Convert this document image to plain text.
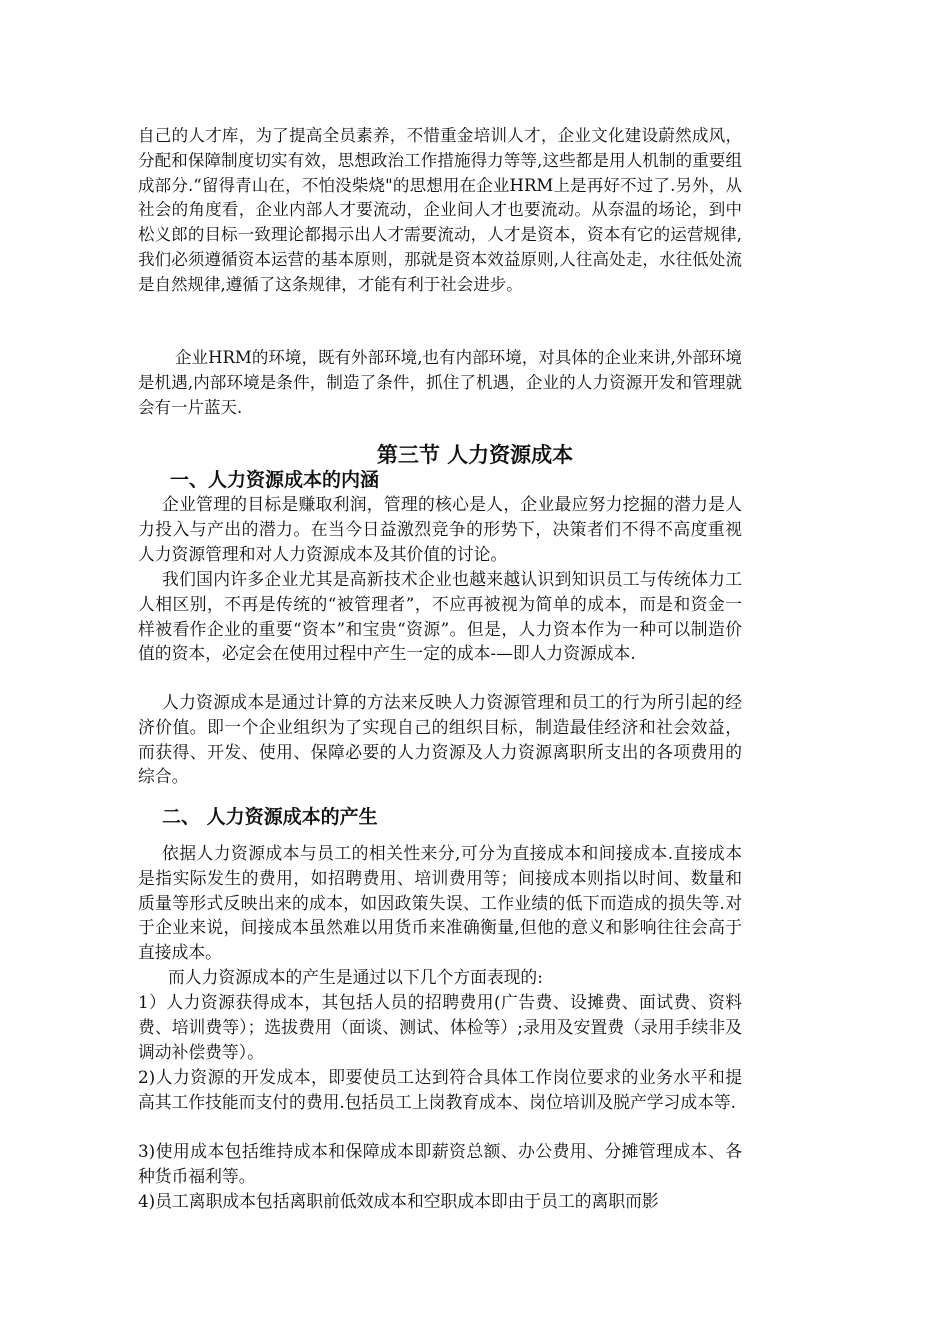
自己的人才库，为了提高全员素养，不惜重金培训人才，企业文化建设蔚然成风，分配和保障制度切实有效，思想政治工作措施得力等等,这些都是用人机制的重要组成部分.“留得青山在，不怕没柴烧"的思想用在企业HRM上是再好不过了.另外，从社会的角度看，企业内部人才要流动，企业间人才也要流动。从奈温的场论，到中松义郎的目标一致理论都揭示出人才需要流动，人才是资本，资本有它的运营规律,我们必须遵循资本运营的基本原则，那就是资本效益原则,人往高处走，水往低处流是自然规律,遵循了这条规律，才能有利于社会进步。

企业HRM的环境，既有外部环境,也有内部环境，对具体的企业来讲,外部环境是机遇,内部环境是条件，制造了条件，抓住了机遇，企业的人力资源开发和管理就会有一片蓝天.

第三节 人力资源成本
一、人力资源成本的内涵

企业管理的目标是赚取利润，管理的核心是人，企业最应努力挖掘的潜力是人力投入与产出的潜力。在当今日益激烈竞争的形势下，决策者们不得不高度重视人力资源管理和对人力资源成本及其价值的讨论。

我们国内许多企业尤其是高新技术企业也越来越认识到知识员工与传统体力工人相区别，不再是传统的“被管理者”，不应再被视为简单的成本，而是和资金一样被看作企业的重要“资本”和宝贵“资源”。但是，人力资本作为一种可以制造价值的资本，必定会在使用过程中产生一定的成本-—即人力资源成本.

人力资源成本是通过计算的方法来反映人力资源管理和员工的行为所引起的经济价值。即一个企业组织为了实现自己的组织目标，制造最佳经济和社会效益，而获得、开发、使用、保障必要的人力资源及人力资源离职所支出的各项费用的综合。

二、 人力资源成本的产生

依据人力资源成本与员工的相关性来分,可分为直接成本和间接成本.直接成本是指实际发生的费用，如招聘费用、培训费用等；间接成本则指以时间、数量和质量等形式反映出来的成本，如因政策失误、工作业绩的低下而造成的损失等.对于企业来说，间接成本虽然难以用货币来准确衡量,但他的意义和影响往往会高于直接成本。

而人力资源成本的产生是通过以下几个方面表现的:

1）人力资源获得成本，其包括人员的招聘费用(广告费、设摊费、面试费、资料费、培训费等）；选拔费用（面谈、测试、体检等）;录用及安置费（录用手续非及调动补偿费等）。

2)人力资源的开发成本，即要使员工达到符合具体工作岗位要求的业务水平和提高其工作技能而支付的费用.包括员工上岗教育成本、岗位培训及脱产学习成本等.

3)使用成本包括维持成本和保障成本即薪资总额、办公费用、分摊管理成本、各种货币福利等。

4)员工离职成本包括离职前低效成本和空职成本即由于员工的离职而影
